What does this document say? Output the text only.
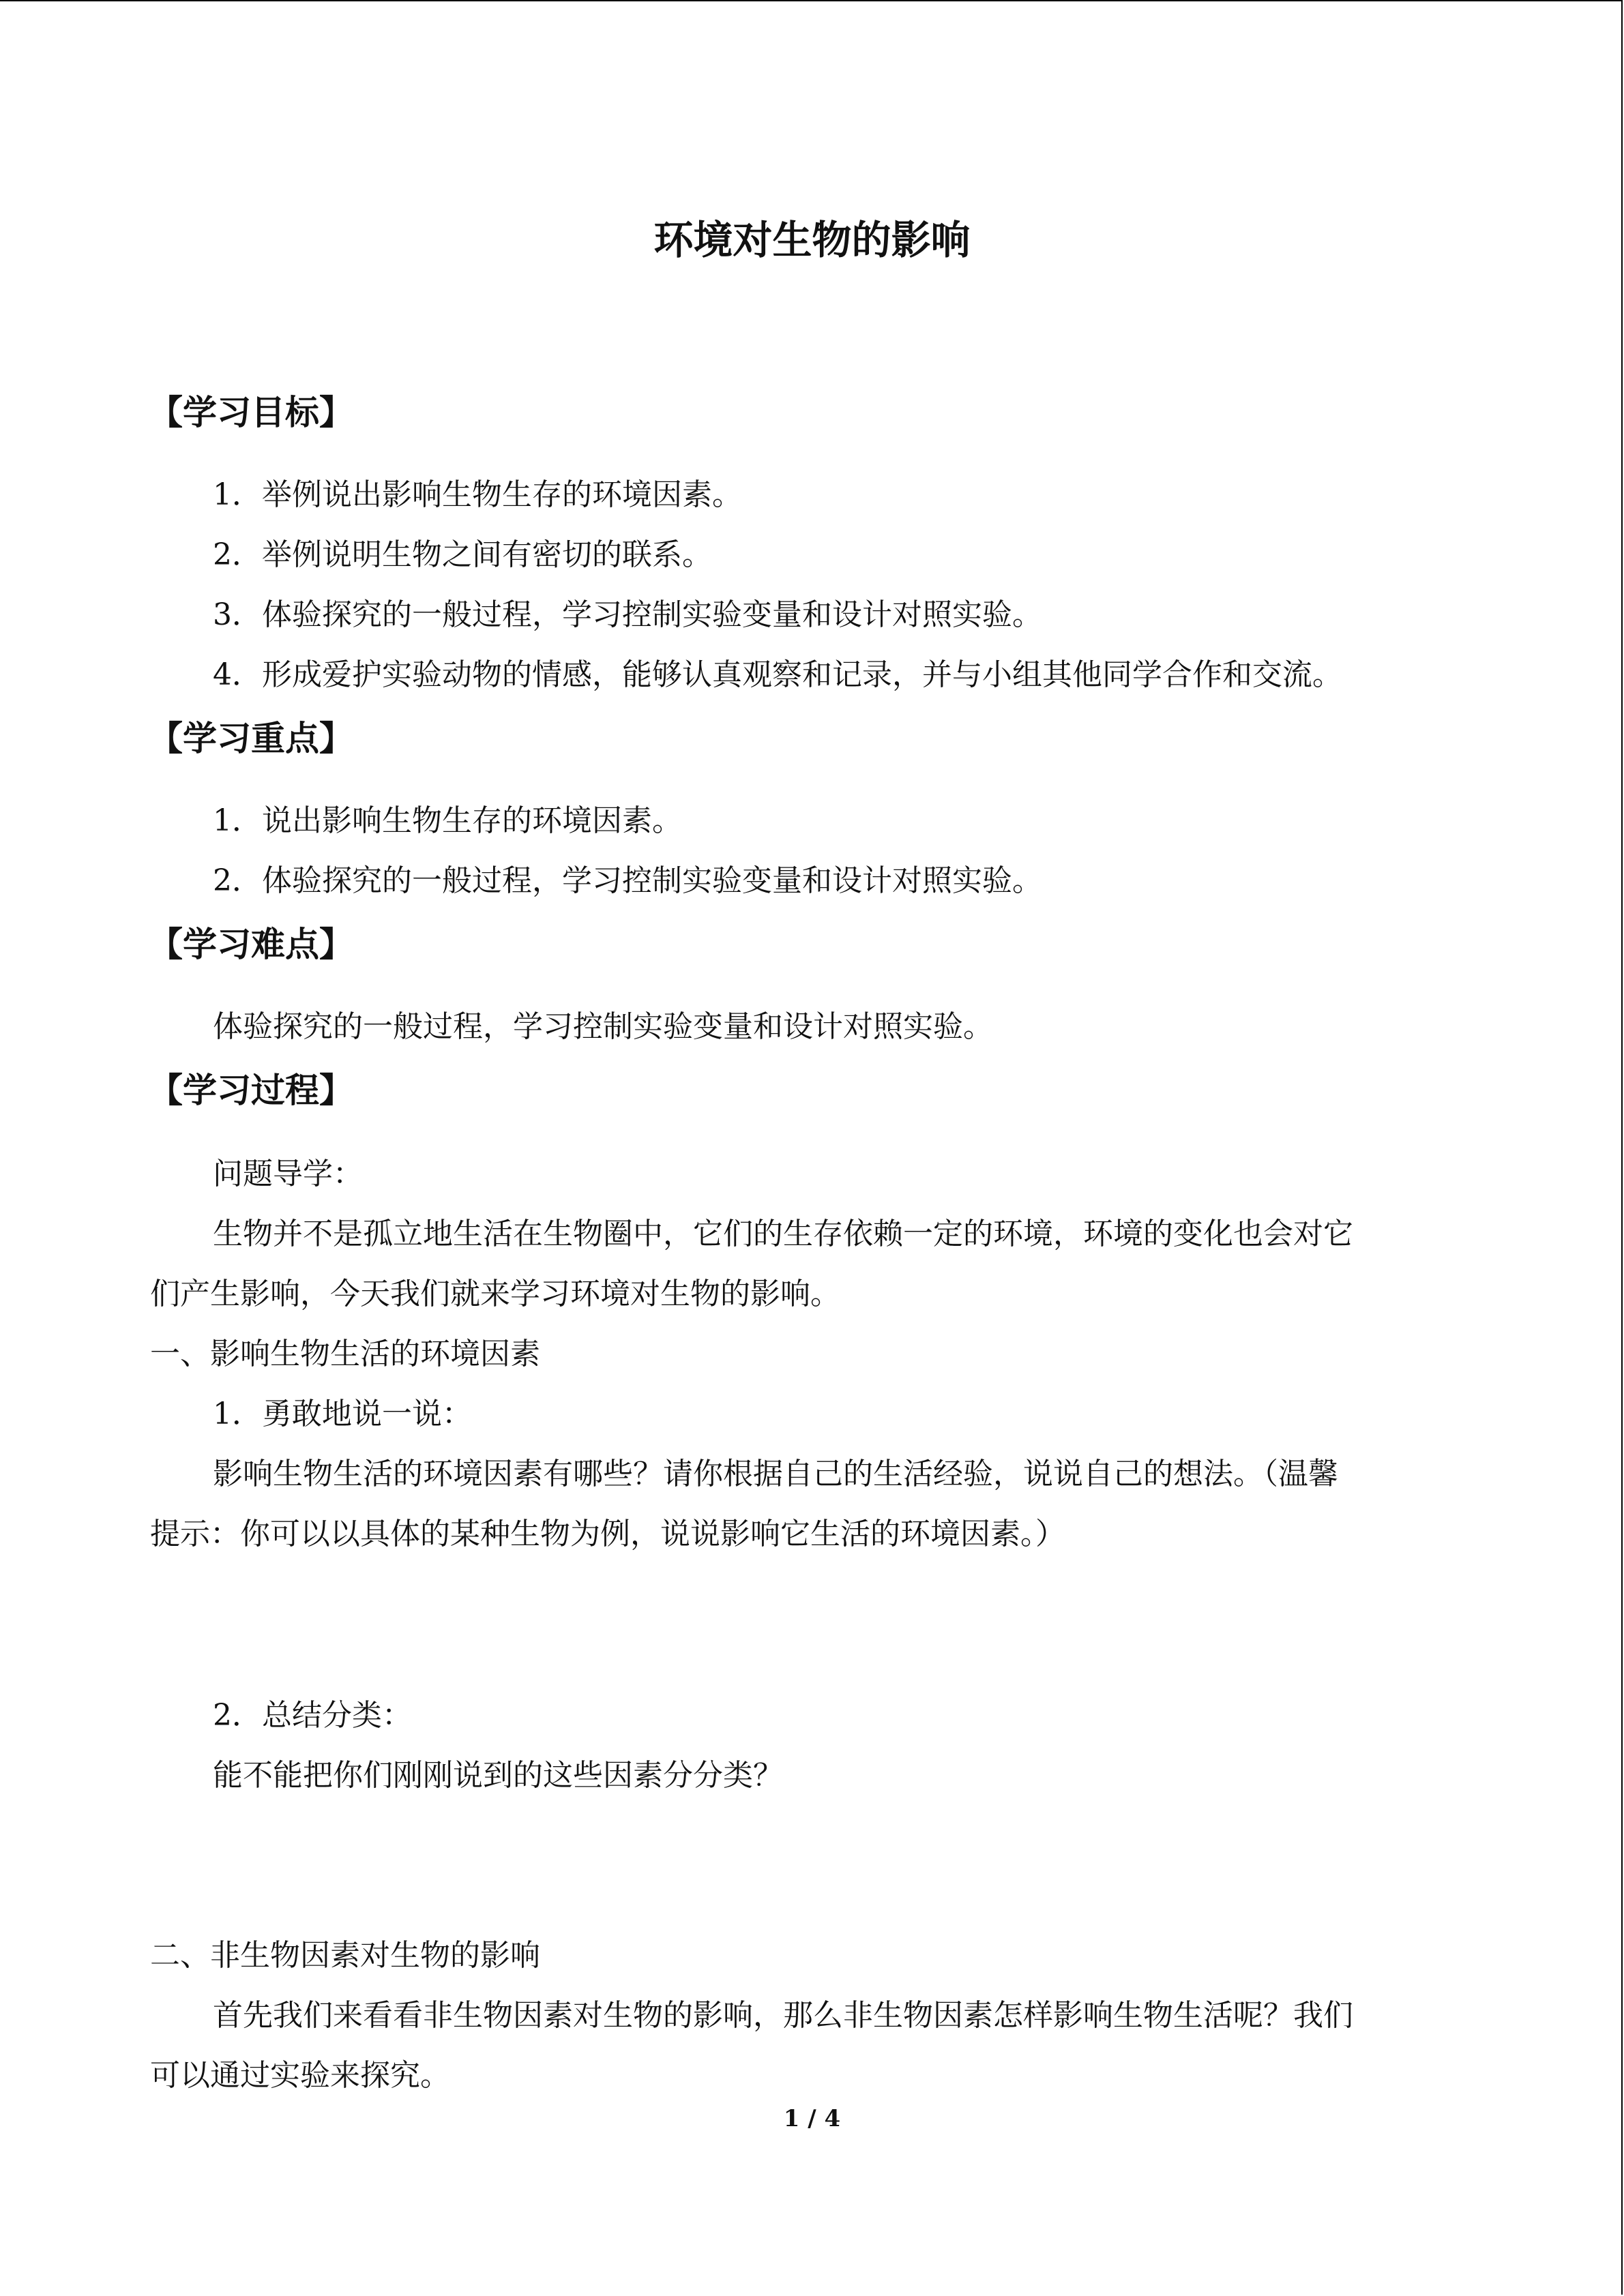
环境对生物的影响
【学习目标】
1．举例说出影响生物生存的环境因素。
2．举例说明生物之间有密切的联系。
3．体验探究的一般过程，学习控制实验变量和设计对照实验。
4．形成爱护实验动物的情感，能够认真观察和记录，并与小组其他同学合作和交流。
【学习重点】
1．说出影响生物生存的环境因素。
2．体验探究的一般过程，学习控制实验变量和设计对照实验。
【学习难点】
体验探究的一般过程，学习控制实验变量和设计对照实验。
【学习过程】
问题导学：
生物并不是孤立地生活在生物圈中，它们的生存依赖一定的环境，环境的变化也会对它
们产生影响，今天我们就来学习环境对生物的影响。
一、影响生物生活的环境因素
1．勇敢地说一说：
影响生物生活的环境因素有哪些？请你根据自己的生活经验，说说自己的想法。（温馨
提示：你可以以具体的某种生物为例，说说影响它生活的环境因素。）
2．总结分类：
能不能把你们刚刚说到的这些因素分分类？
二、非生物因素对生物的影响
首先我们来看看非生物因素对生物的影响，那么非生物因素怎样影响生物生活呢？我们
可以通过实验来探究。
1 / 4
